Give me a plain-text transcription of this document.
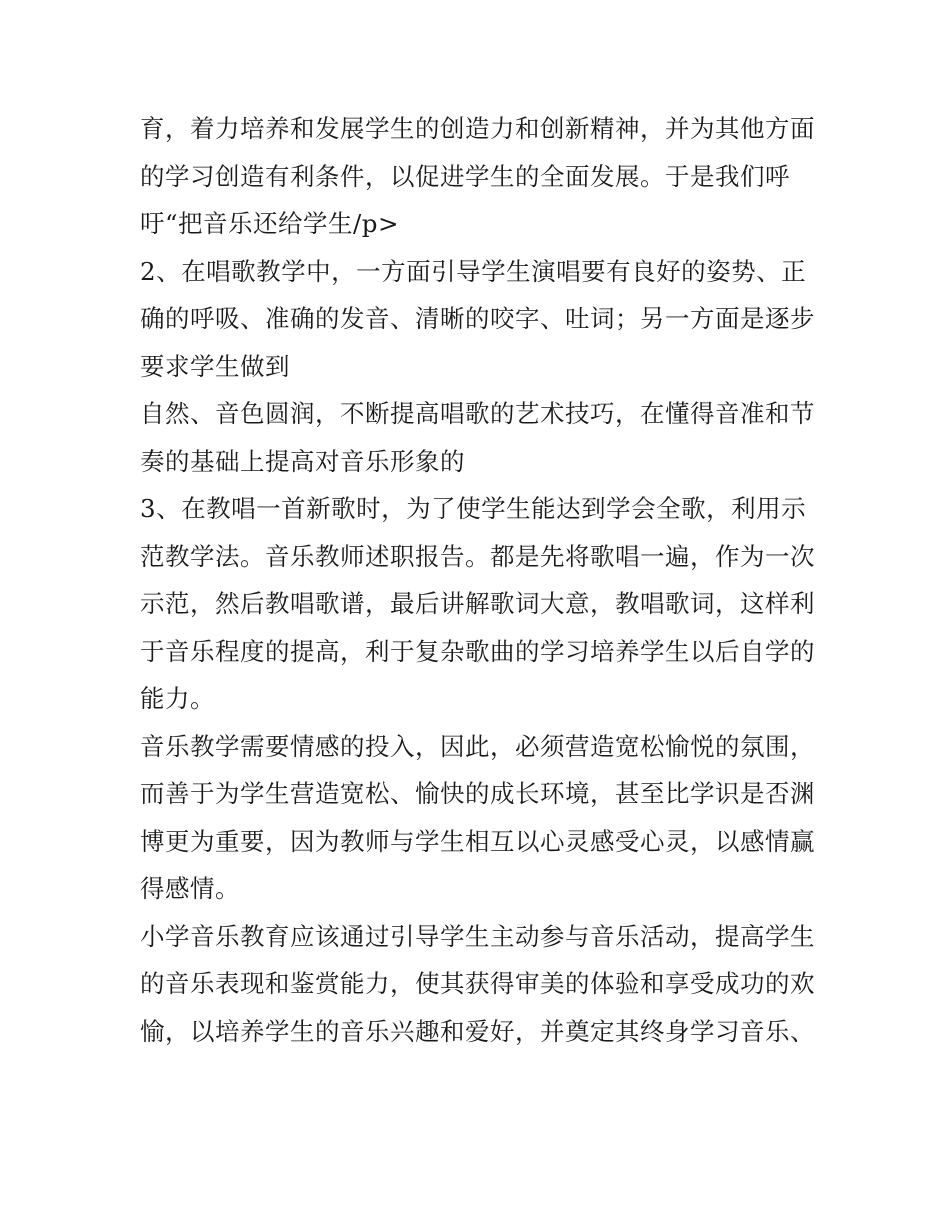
育，着力培养和发展学生的创造力和创新精神，并为其他方面
的学习创造有利条件，以促进学生的全面发展。于是我们呼
吁“把音乐还给学生/p>
2、在唱歌教学中，一方面引导学生演唱要有良好的姿势、正
确的呼吸、准确的发音、清晰的咬字、吐词；另一方面是逐步
要求学生做到
自然、音色圆润，不断提高唱歌的艺术技巧，在懂得音准和节
奏的基础上提高对音乐形象的
3、在教唱一首新歌时，为了使学生能达到学会全歌，利用示
范教学法。音乐教师述职报告。都是先将歌唱一遍，作为一次
示范，然后教唱歌谱，最后讲解歌词大意，教唱歌词，这样利
于音乐程度的提高，利于复杂歌曲的学习培养学生以后自学的
能力。
音乐教学需要情感的投入，因此，必须营造宽松愉悦的氛围，
而善于为学生营造宽松、愉快的成长环境，甚至比学识是否渊
博更为重要，因为教师与学生相互以心灵感受心灵，以感情赢
得感情。
小学音乐教育应该通过引导学生主动参与音乐活动，提高学生
的音乐表现和鉴赏能力，使其获得审美的体验和享受成功的欢
愉，以培养学生的音乐兴趣和爱好，并奠定其终身学习音乐、
